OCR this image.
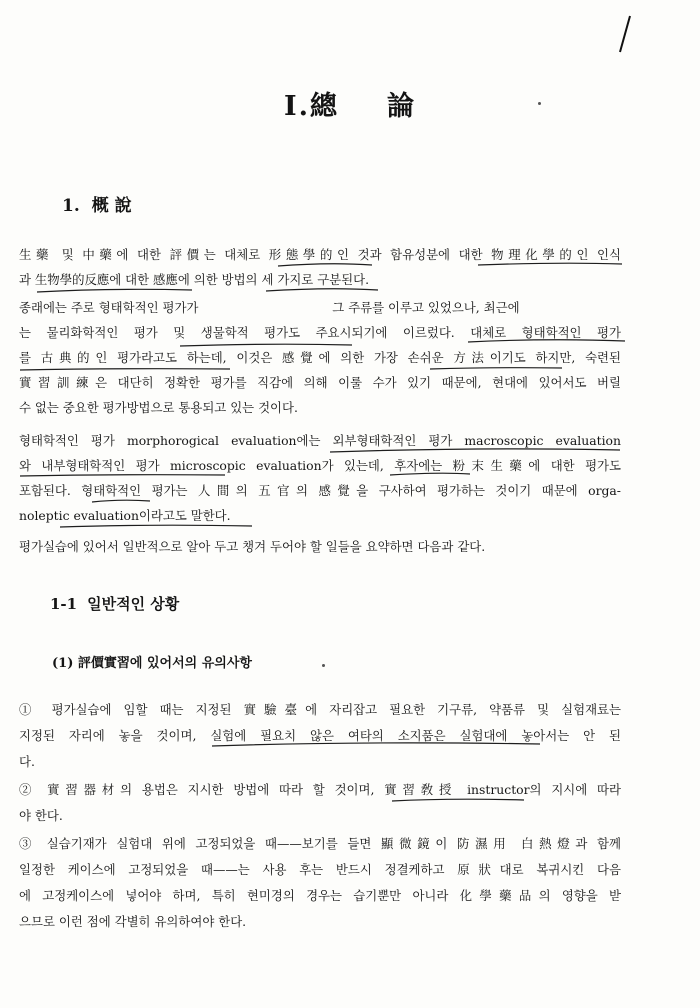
I.總 論
1. 概 說

生藥 및 中藥에 대한 評價는 대체로 形態學的인 것과 함유성분에 대한 物理化學的인 인식

과 生物學的反應에 대한 感應에 의한 방법의 세 가지로 구분된다.

종래에는 주로 형태학적인 평가가                                  그 주류를 이루고 있었으나, 최근에

는 물리화학적인 평가 및 생물학적 평가도 주요시되기에 이르렀다. 대체로 형태학적인 평가

를 古典的인 평가라고도 하는데, 이것은 感覺에 의한 가장 손쉬운 方法이기도 하지만, 숙련된

實習訓練은 대단히 정확한 평가를 직감에 의해 이룰 수가 있기 때문에, 현대에 있어서도 버릴

수 없는 중요한 평가방법으로 통용되고 있는 것이다.

형태학적인 평가 morphorogical evaluation에는 외부형태학적인 평가 macroscopic evaluation

와 내부형태학적인 평가 microscopic evaluation가 있는데, 후자에는 粉末生藥에 대한 평가도

포함된다. 형태학적인 평가는 人間의 五官의 感覺을 구사하여 평가하는 것이기 때문에 orga-

noleptic evaluation이라고도 말한다.

평가실습에 있어서 일반적으로 알아 두고 챙겨 두어야 할 일들을 요약하면 다음과 같다.

1-1 일반적인 상황
(1) 評價實習에 있어서의 유의사항

① 평가실습에 임할 때는 지정된 實驗臺에 자리잡고 필요한 기구류, 약품류 및 실험재료는

지정된 자리에 놓을 것이며, 실험에 필요치 않은 여타의 소지품은 실험대에 놓아서는 안 된

다.

② 實習器材의 용법은 지시한 방법에 따라 할 것이며, 實習敎授 instructor의 지시에 따라

야 한다.

③ 실습기재가 실험대 위에 고정되었을 때——보기를 들면 顯微鏡이 防濕用 白熱燈과 함께

일정한 케이스에 고정되었을 때——는 사용 후는 반드시 정결케하고 原狀대로 복귀시킨 다음

에 고정케이스에 넣어야 하며, 특히 현미경의 경우는 습기뿐만 아니라 化學藥品의 영향을 받

으므로 이런 점에 각별히 유의하여야 한다.
